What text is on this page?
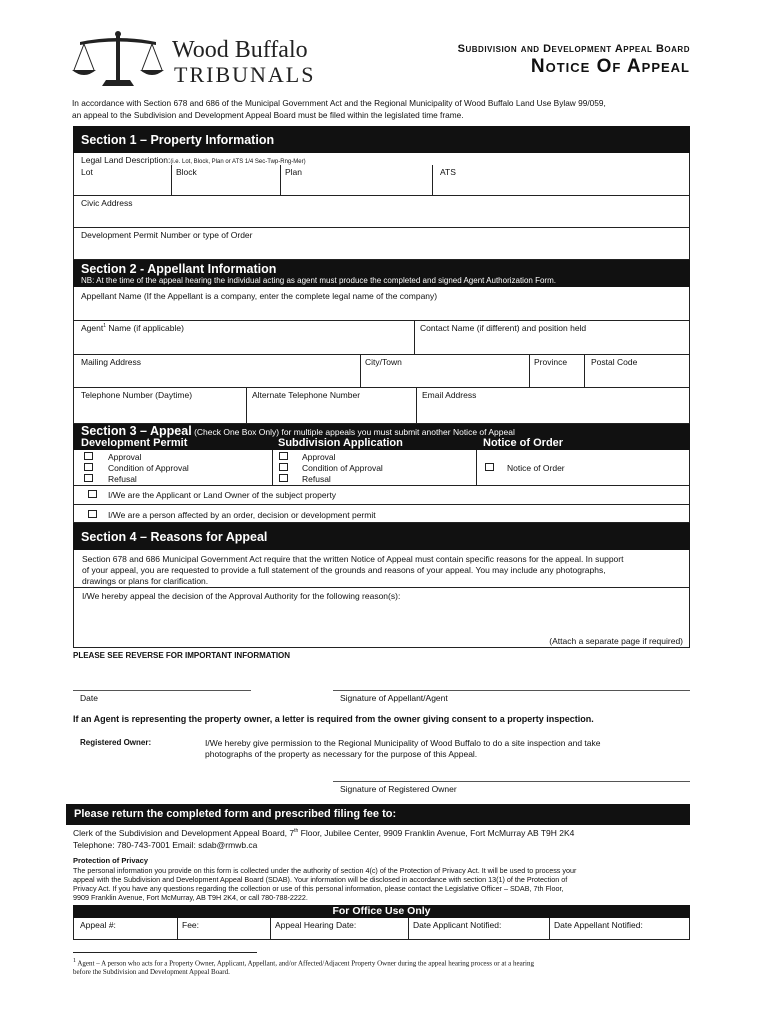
Wood Buffalo
TRIBUNALS
Subdivision and Development Appeal Board
Notice Of Appeal
In accordance with Section 678 and 686 of the Municipal Government Act and the Regional Municipality of Wood Buffalo Land Use Bylaw 99/059,
an appeal to the Subdivision and Development Appeal Board must be filed within the legislated time frame.
Section 1 – Property Information
Legal Land Description:(i.e. Lot, Block, Plan or ATS 1/4 Sec-Twp-Rng-Mer)
Lot	Block	Plan	ATS
Civic Address
Development Permit Number or type of Order
Section 2 - Appellant Information
NB: At the time of the appeal hearing the individual acting as agent must produce the completed and signed Agent Authorization Form.
Appellant Name (If the Appellant is a company, enter the complete legal name of the company)
Agent$^1$ Name (if applicable)	Contact Name (if different) and position held
Mailing Address	City/Town	Province	Postal Code
Telephone Number (Daytime)	Alternate Telephone Number	Email Address
Section 3 – Appeal (Check One Box Only) for multiple appeals you must submit another Notice of Appeal
Development Permit	Subdivision Application	Notice of Order
Approval
Condition of Approval
Refusal
Approval
Condition of Approval
Refusal
Notice of Order
I/We are the Applicant or Land Owner of the subject property
I/We are a person affected by an order, decision or development permit
Section 4 – Reasons for Appeal
Section 678 and 686 Municipal Government Act require that the written Notice of Appeal must contain specific reasons for the appeal. In support
of your appeal, you are requested to provide a full statement of the grounds and reasons of your appeal. You may include any photographs,
drawings or plans for clarification.
I/We hereby appeal the decision of the Approval Authority for the following reason(s):
(Attach a separate page if required)
PLEASE SEE REVERSE FOR IMPORTANT INFORMATION
Date	Signature of Appellant/Agent
If an Agent is representing the property owner, a letter is required from the owner giving consent to a property inspection.
Registered Owner:	I/We hereby give permission to the Regional Municipality of Wood Buffalo to do a site inspection and take
photographs of the property as necessary for the purpose of this Appeal.
Signature of Registered Owner
Please return the completed form and prescribed filing fee to:
Clerk of the Subdivision and Development Appeal Board, 7th Floor, Jubilee Center, 9909 Franklin Avenue, Fort McMurray AB T9H 2K4
Telephone: 780-743-7001 Email: sdab@rmwb.ca
Protection of Privacy
The personal information you provide on this form is collected under the authority of section 4(c) of the Protection of Privacy Act. It will be used to process your
appeal with the Subdivision and Development Appeal Board (SDAB). Your information will be disclosed in accordance with section 13(1) of the Protection of
Privacy Act. If you have any questions regarding the collection or use of this personal information, please contact the Legislative Officer – SDAB, 7th Floor,
9909 Franklin Avenue, Fort McMurray, AB T9H 2K4, or call 780-788-2222.
For Office Use Only
Appeal #:	Fee:	Appeal Hearing Date:	Date Applicant Notified:	Date Appellant Notified:
$^1$ Agent – A person who acts for a Property Owner, Applicant, Appellant, and/or Affected/Adjacent Property Owner during the appeal hearing process or at a hearing
before the Subdivision and Development Appeal Board.
